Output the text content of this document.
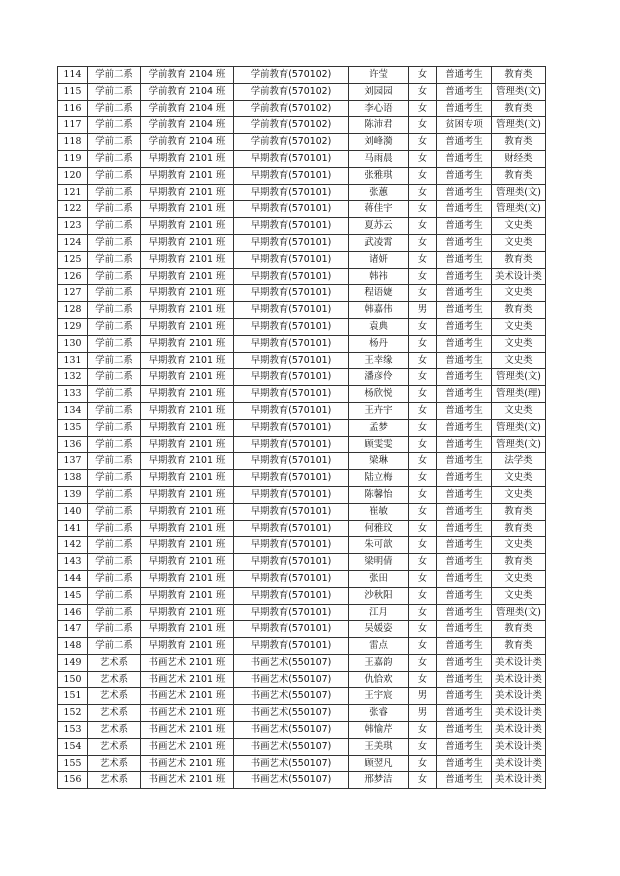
114	学前二系	学前教育 2104 班	学前教育(570102)	许莹	女	普通考生	教育类
115	学前二系	学前教育 2104 班	学前教育(570102)	刘园园	女	普通考生	管理类(文)
116	学前二系	学前教育 2104 班	学前教育(570102)	李心语	女	普通考生	教育类
117	学前二系	学前教育 2104 班	学前教育(570102)	陈沛君	女	贫困专项	管理类(文)
118	学前二系	学前教育 2104 班	学前教育(570102)	刘峰漪	女	普通考生	教育类
119	学前二系	早期教育 2101 班	早期教育(570101)	马雨晨	女	普通考生	财经类
120	学前二系	早期教育 2101 班	早期教育(570101)	张雅琪	女	普通考生	教育类
121	学前二系	早期教育 2101 班	早期教育(570101)	张蕙	女	普通考生	管理类(文)
122	学前二系	早期教育 2101 班	早期教育(570101)	蒋佳宇	女	普通考生	管理类(文)
123	学前二系	早期教育 2101 班	早期教育(570101)	夏苏云	女	普通考生	文史类
124	学前二系	早期教育 2101 班	早期教育(570101)	武凌霄	女	普通考生	文史类
125	学前二系	早期教育 2101 班	早期教育(570101)	诸妍	女	普通考生	教育类
126	学前二系	早期教育 2101 班	早期教育(570101)	韩祎	女	普通考生	美术设计类
127	学前二系	早期教育 2101 班	早期教育(570101)	程语婕	女	普通考生	文史类
128	学前二系	早期教育 2101 班	早期教育(570101)	韩嘉伟	男	普通考生	教育类
129	学前二系	早期教育 2101 班	早期教育(570101)	袁典	女	普通考生	文史类
130	学前二系	早期教育 2101 班	早期教育(570101)	杨丹	女	普通考生	文史类
131	学前二系	早期教育 2101 班	早期教育(570101)	王幸缘	女	普通考生	文史类
132	学前二系	早期教育 2101 班	早期教育(570101)	潘彦伶	女	普通考生	管理类(文)
133	学前二系	早期教育 2101 班	早期教育(570101)	杨欣悦	女	普通考生	管理类(理)
134	学前二系	早期教育 2101 班	早期教育(570101)	王卉宇	女	普通考生	文史类
135	学前二系	早期教育 2101 班	早期教育(570101)	孟梦	女	普通考生	管理类(文)
136	学前二系	早期教育 2101 班	早期教育(570101)	顾雯雯	女	普通考生	管理类(文)
137	学前二系	早期教育 2101 班	早期教育(570101)	梁琳	女	普通考生	法学类
138	学前二系	早期教育 2101 班	早期教育(570101)	陆立梅	女	普通考生	文史类
139	学前二系	早期教育 2101 班	早期教育(570101)	陈馨怡	女	普通考生	文史类
140	学前二系	早期教育 2101 班	早期教育(570101)	崔敏	女	普通考生	教育类
141	学前二系	早期教育 2101 班	早期教育(570101)	何雅玟	女	普通考生	教育类
142	学前二系	早期教育 2101 班	早期教育(570101)	朱可歆	女	普通考生	文史类
143	学前二系	早期教育 2101 班	早期教育(570101)	梁明倩	女	普通考生	教育类
144	学前二系	早期教育 2101 班	早期教育(570101)	张田	女	普通考生	文史类
145	学前二系	早期教育 2101 班	早期教育(570101)	沙秋阳	女	普通考生	文史类
146	学前二系	早期教育 2101 班	早期教育(570101)	江月	女	普通考生	管理类(文)
147	学前二系	早期教育 2101 班	早期教育(570101)	吴媛姿	女	普通考生	教育类
148	学前二系	早期教育 2101 班	早期教育(570101)	雷点	女	普通考生	教育类
149	艺术系	书画艺术 2101 班	书画艺术(550107)	王嘉韵	女	普通考生	美术设计类
150	艺术系	书画艺术 2101 班	书画艺术(550107)	仇恰欢	女	普通考生	美术设计类
151	艺术系	书画艺术 2101 班	书画艺术(550107)	王宇宸	男	普通考生	美术设计类
152	艺术系	书画艺术 2101 班	书画艺术(550107)	张睿	男	普通考生	美术设计类
153	艺术系	书画艺术 2101 班	书画艺术(550107)	韩愉芹	女	普通考生	美术设计类
154	艺术系	书画艺术 2101 班	书画艺术(550107)	王美琪	女	普通考生	美术设计类
155	艺术系	书画艺术 2101 班	书画艺术(550107)	顾翌凡	女	普通考生	美术设计类
156	艺术系	书画艺术 2101 班	书画艺术(550107)	邢梦洁	女	普通考生	美术设计类
